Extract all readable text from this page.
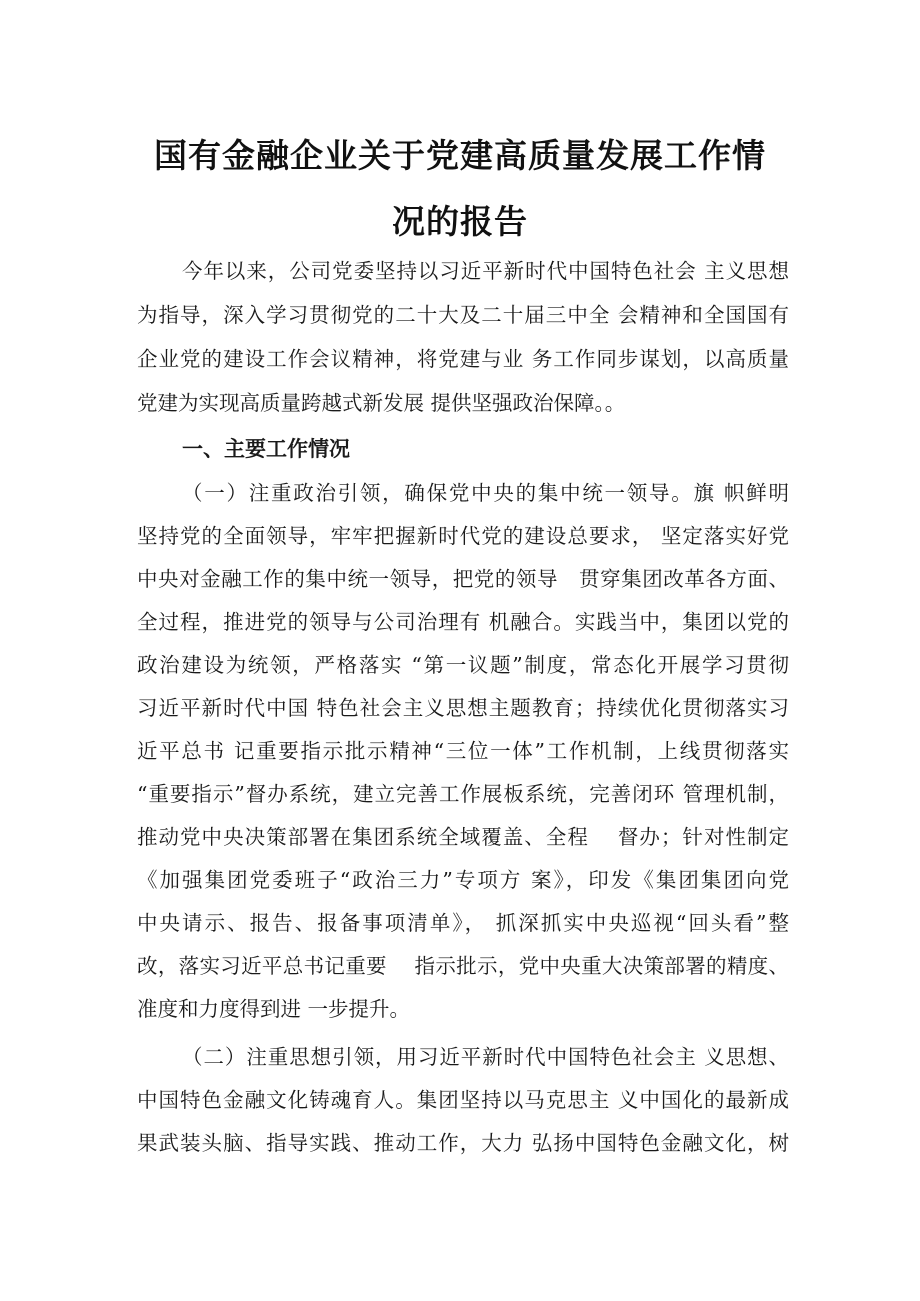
国有金融企业关于党建高质量发展工作情
况的报告
今年以来，公司党委坚持以习近平新时代中国特色社会 主义思想
为指导，深入学习贯彻党的二十大及二十届三中全 会精神和全国国有
企业党的建设工作会议精神，将党建与业 务工作同步谋划，以高质量
党建为实现高质量跨越式新发展 提供坚强政治保障。。
一、主要工作情况
（一）注重政治引领，确保党中央的集中统一领导。旗 帜鲜明
坚持党的全面领导，牢牢把握新时代党的建设总要求， 坚定落实好党
中央对金融工作的集中统一领导，把党的领导　贯穿集团改革各方面、
全过程，推进党的领导与公司治理有 机融合。实践当中，集团以党的
政治建设为统领，严格落实 “第一议题”制度，常态化开展学习贯彻
习近平新时代中国 特色社会主义思想主题教育；持续优化贯彻落实习
近平总书 记重要指示批示精神“三位一体”工作机制，上线贯彻落实
“重要指示”督办系统，建立完善工作展板系统，完善闭环 管理机制，
推动党中央决策部署在集团系统全域覆盖、全程　 督办；针对性制定
《加强集团党委班子“政治三力”专项方 案》，印发《集团集团向党
中央请示、报告、报备事项清单》， 抓深抓实中央巡视“回头看”整
改，落实习近平总书记重要　 指示批示，党中央重大决策部署的精度、
准度和力度得到进 一步提升。
（二）注重思想引领，用习近平新时代中国特色社会主 义思想、
中国特色金融文化铸魂育人。集团坚持以马克思主 义中国化的最新成
果武装头脑、指导实践、推动工作，大力 弘扬中国特色金融文化，树
